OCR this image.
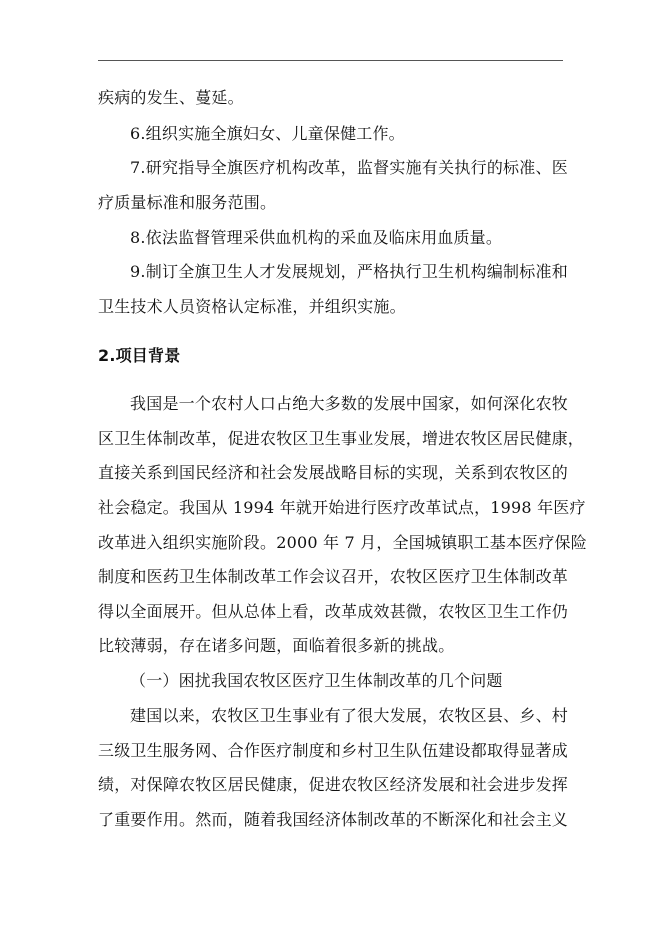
疾病的发生、蔓延。
6.组织实施全旗妇女、儿童保健工作。
7.研究指导全旗医疗机构改革，监督实施有关执行的标准、医
疗质量标准和服务范围。
8.依法监督管理采供血机构的采血及临床用血质量。
9.制订全旗卫生人才发展规划，严格执行卫生机构编制标准和
卫生技术人员资格认定标准，并组织实施。
2.项目背景
我国是一个农村人口占绝大多数的发展中国家，如何深化农牧
区卫生体制改革，促进农牧区卫生事业发展，增进农牧区居民健康，
直接关系到国民经济和社会发展战略目标的实现，关系到农牧区的
社会稳定。我国从 1994 年就开始进行医疗改革试点，1998 年医疗
改革进入组织实施阶段。2000 年 7 月，全国城镇职工基本医疗保险
制度和医药卫生体制改革工作会议召开，农牧区医疗卫生体制改革
得以全面展开。但从总体上看，改革成效甚微，农牧区卫生工作仍
比较薄弱，存在诸多问题，面临着很多新的挑战。
（一）困扰我国农牧区医疗卫生体制改革的几个问题
建国以来，农牧区卫生事业有了很大发展，农牧区县、乡、村
三级卫生服务网、合作医疗制度和乡村卫生队伍建设都取得显著成
绩，对保障农牧区居民健康，促进农牧区经济发展和社会进步发挥
了重要作用。然而，随着我国经济体制改革的不断深化和社会主义
